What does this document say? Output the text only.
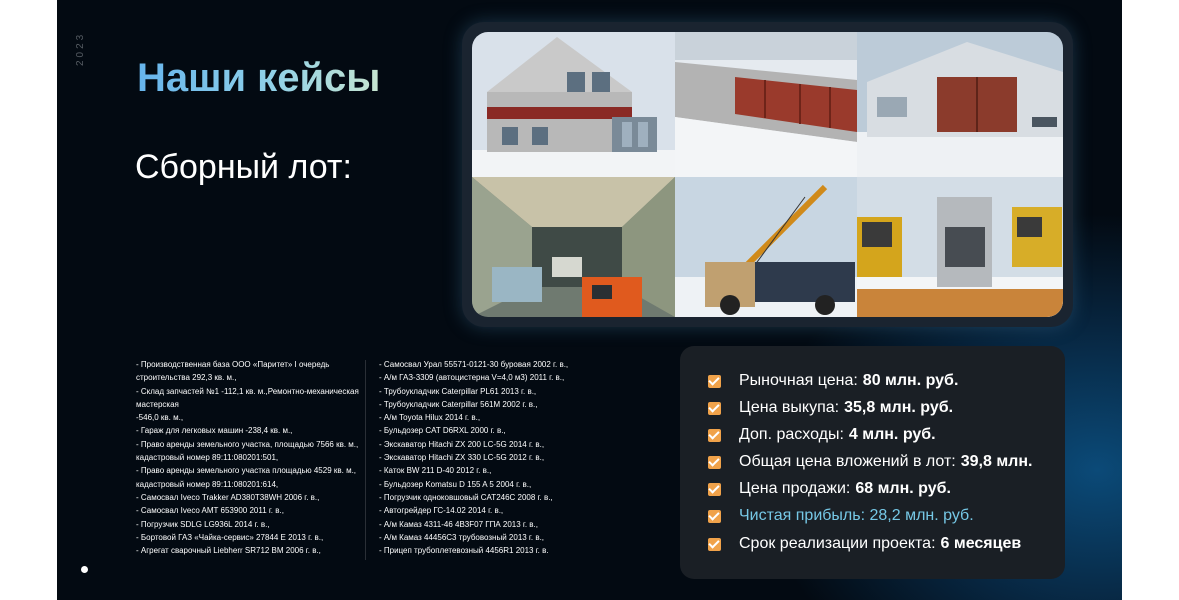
2023
Наши кейсы
Сборный лот:
- Производственная база ООО «Паритет» I очередь строительства 292,3 кв. м.,
- Склад запчастей №1 -112,1 кв. м.,Ремонтно-механическая мастерская
-546,0 кв. м.,
- Гараж для легковых машин -238,4 кв. м.,
- Право аренды земельного участка, площадью 7566 кв. м., кадастровый номер 89:11:080201:501,
- Право аренды земельного участка площадью 4529 кв. м., кадастровый номер 89:11:080201:614,
- Самосвал Iveco Trakker AD380T38WH 2006 г. в.,
- Самосвал Iveco AMT 653900 2011 г. в.,
- Погрузчик SDLG LG936L 2014 г. в.,
- Бортовой ГАЗ «Чайка-сервис» 27844 Е 2013 г. в.,
- Агрегат сварочный Liebherr SR712 BM 2006 г. в.,
- Самосвал Урал 55571-0121-30 буровая 2002 г. в.,
- А/м ГАЗ-3309 (автоцистерна V=4,0 м3) 2011 г. в.,
- Трубоукладчик Caterpillar PL61 2013 г. в.,
- Трубоукладчик Caterpillar 561M 2002 г. в.,
- А/м Toyota Hilux 2014 г. в.,
- Бульдозер CAT D6RXL 2000 г. в.,
- Экскаватор Hitachi ZX 200 LC-5G 2014 г. в.,
- Экскаватор Hitachi ZX 330 LC-5G 2012 г. в.,
- Каток BW 211 D-40 2012 г. в.,
- Бульдозер Komatsu D 155 A 5 2004 г. в.,
- Погрузчик одноковшовый CAT246C 2008 г. в.,
- Автогрейдер ГС-14.02 2014 г. в.,
- А/м Камаз 4311-46 4B3F07 ГПА 2013 г. в.,
- А/м Камаз 44456С3 трубовозный 2013 г. в.,
- Прицеп трубоплетевозный 4456R1 2013 г. в.
Рыночная цена: 80 млн. руб.
Цена выкупа: 35,8 млн. руб.
Доп. расходы: 4 млн. руб.
Общая цена вложений в лот: 39,8 млн.
Цена продажи: 68 млн. руб.
Чистая прибыль: 28,2 млн. руб.
Срок реализации проекта: 6 месяцев
